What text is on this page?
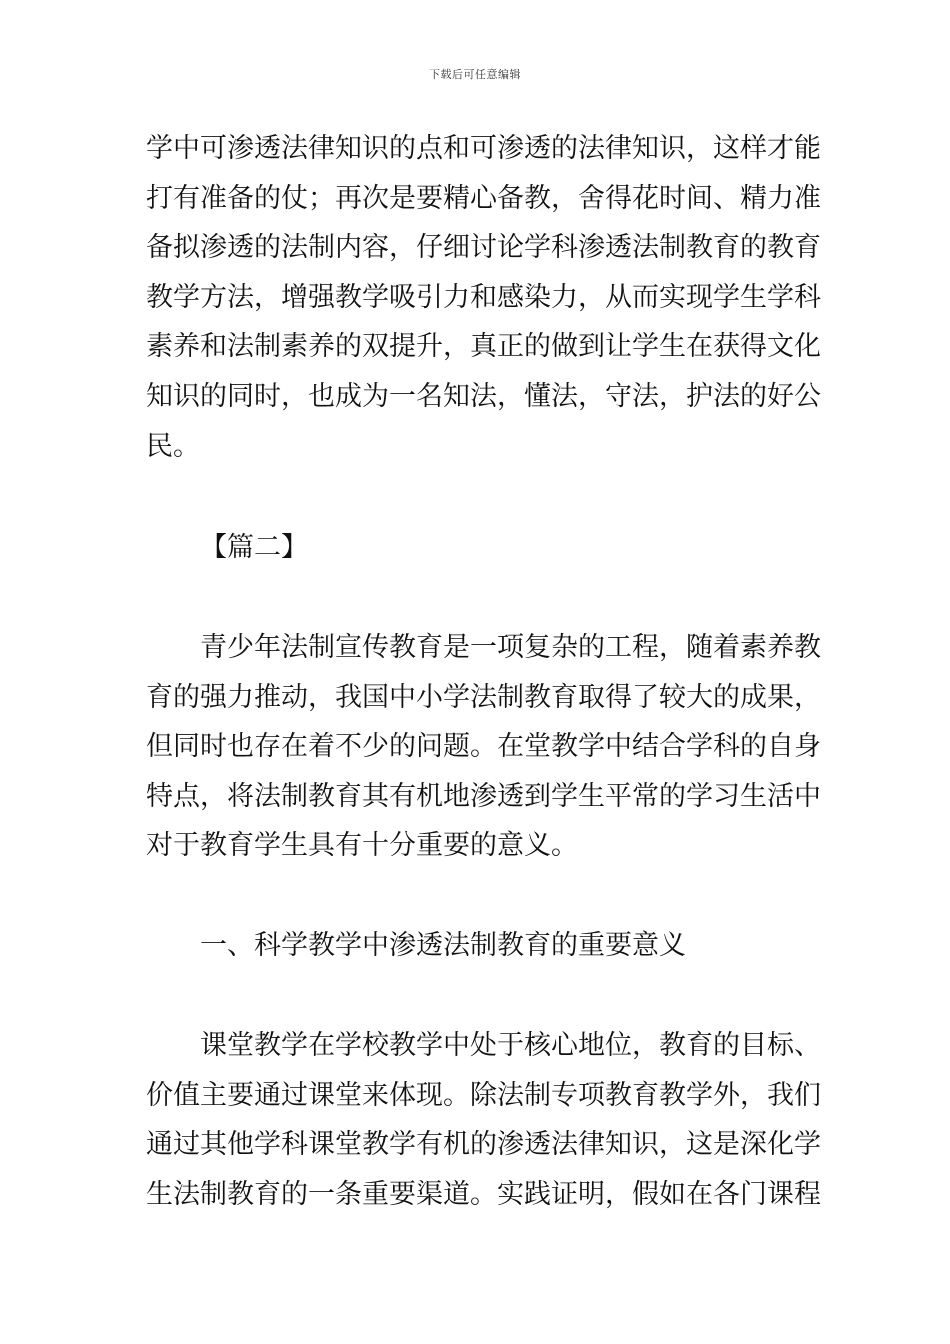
下载后可任意编辑
学中可渗透法律知识的点和可渗透的法律知识，这样才能
打有准备的仗；再次是要精心备教，舍得花时间、精力准
备拟渗透的法制内容，仔细讨论学科渗透法制教育的教育
教学方法，增强教学吸引力和感染力，从而实现学生学科
素养和法制素养的双提升，真正的做到让学生在获得文化
知识的同时，也成为一名知法，懂法，守法，护法的好公
民。
【篇二】
青少年法制宣传教育是一项复杂的工程，随着素养教
育的强力推动，我国中小学法制教育取得了较大的成果，
但同时也存在着不少的问题。在堂教学中结合学科的自身
特点，将法制教育其有机地渗透到学生平常的学习生活中
对于教育学生具有十分重要的意义。
一、科学教学中渗透法制教育的重要意义
课堂教学在学校教学中处于核心地位，教育的目标、
价值主要通过课堂来体现。除法制专项教育教学外，我们
通过其他学科课堂教学有机的渗透法律知识，这是深化学
生法制教育的一条重要渠道。实践证明，假如在各门课程
